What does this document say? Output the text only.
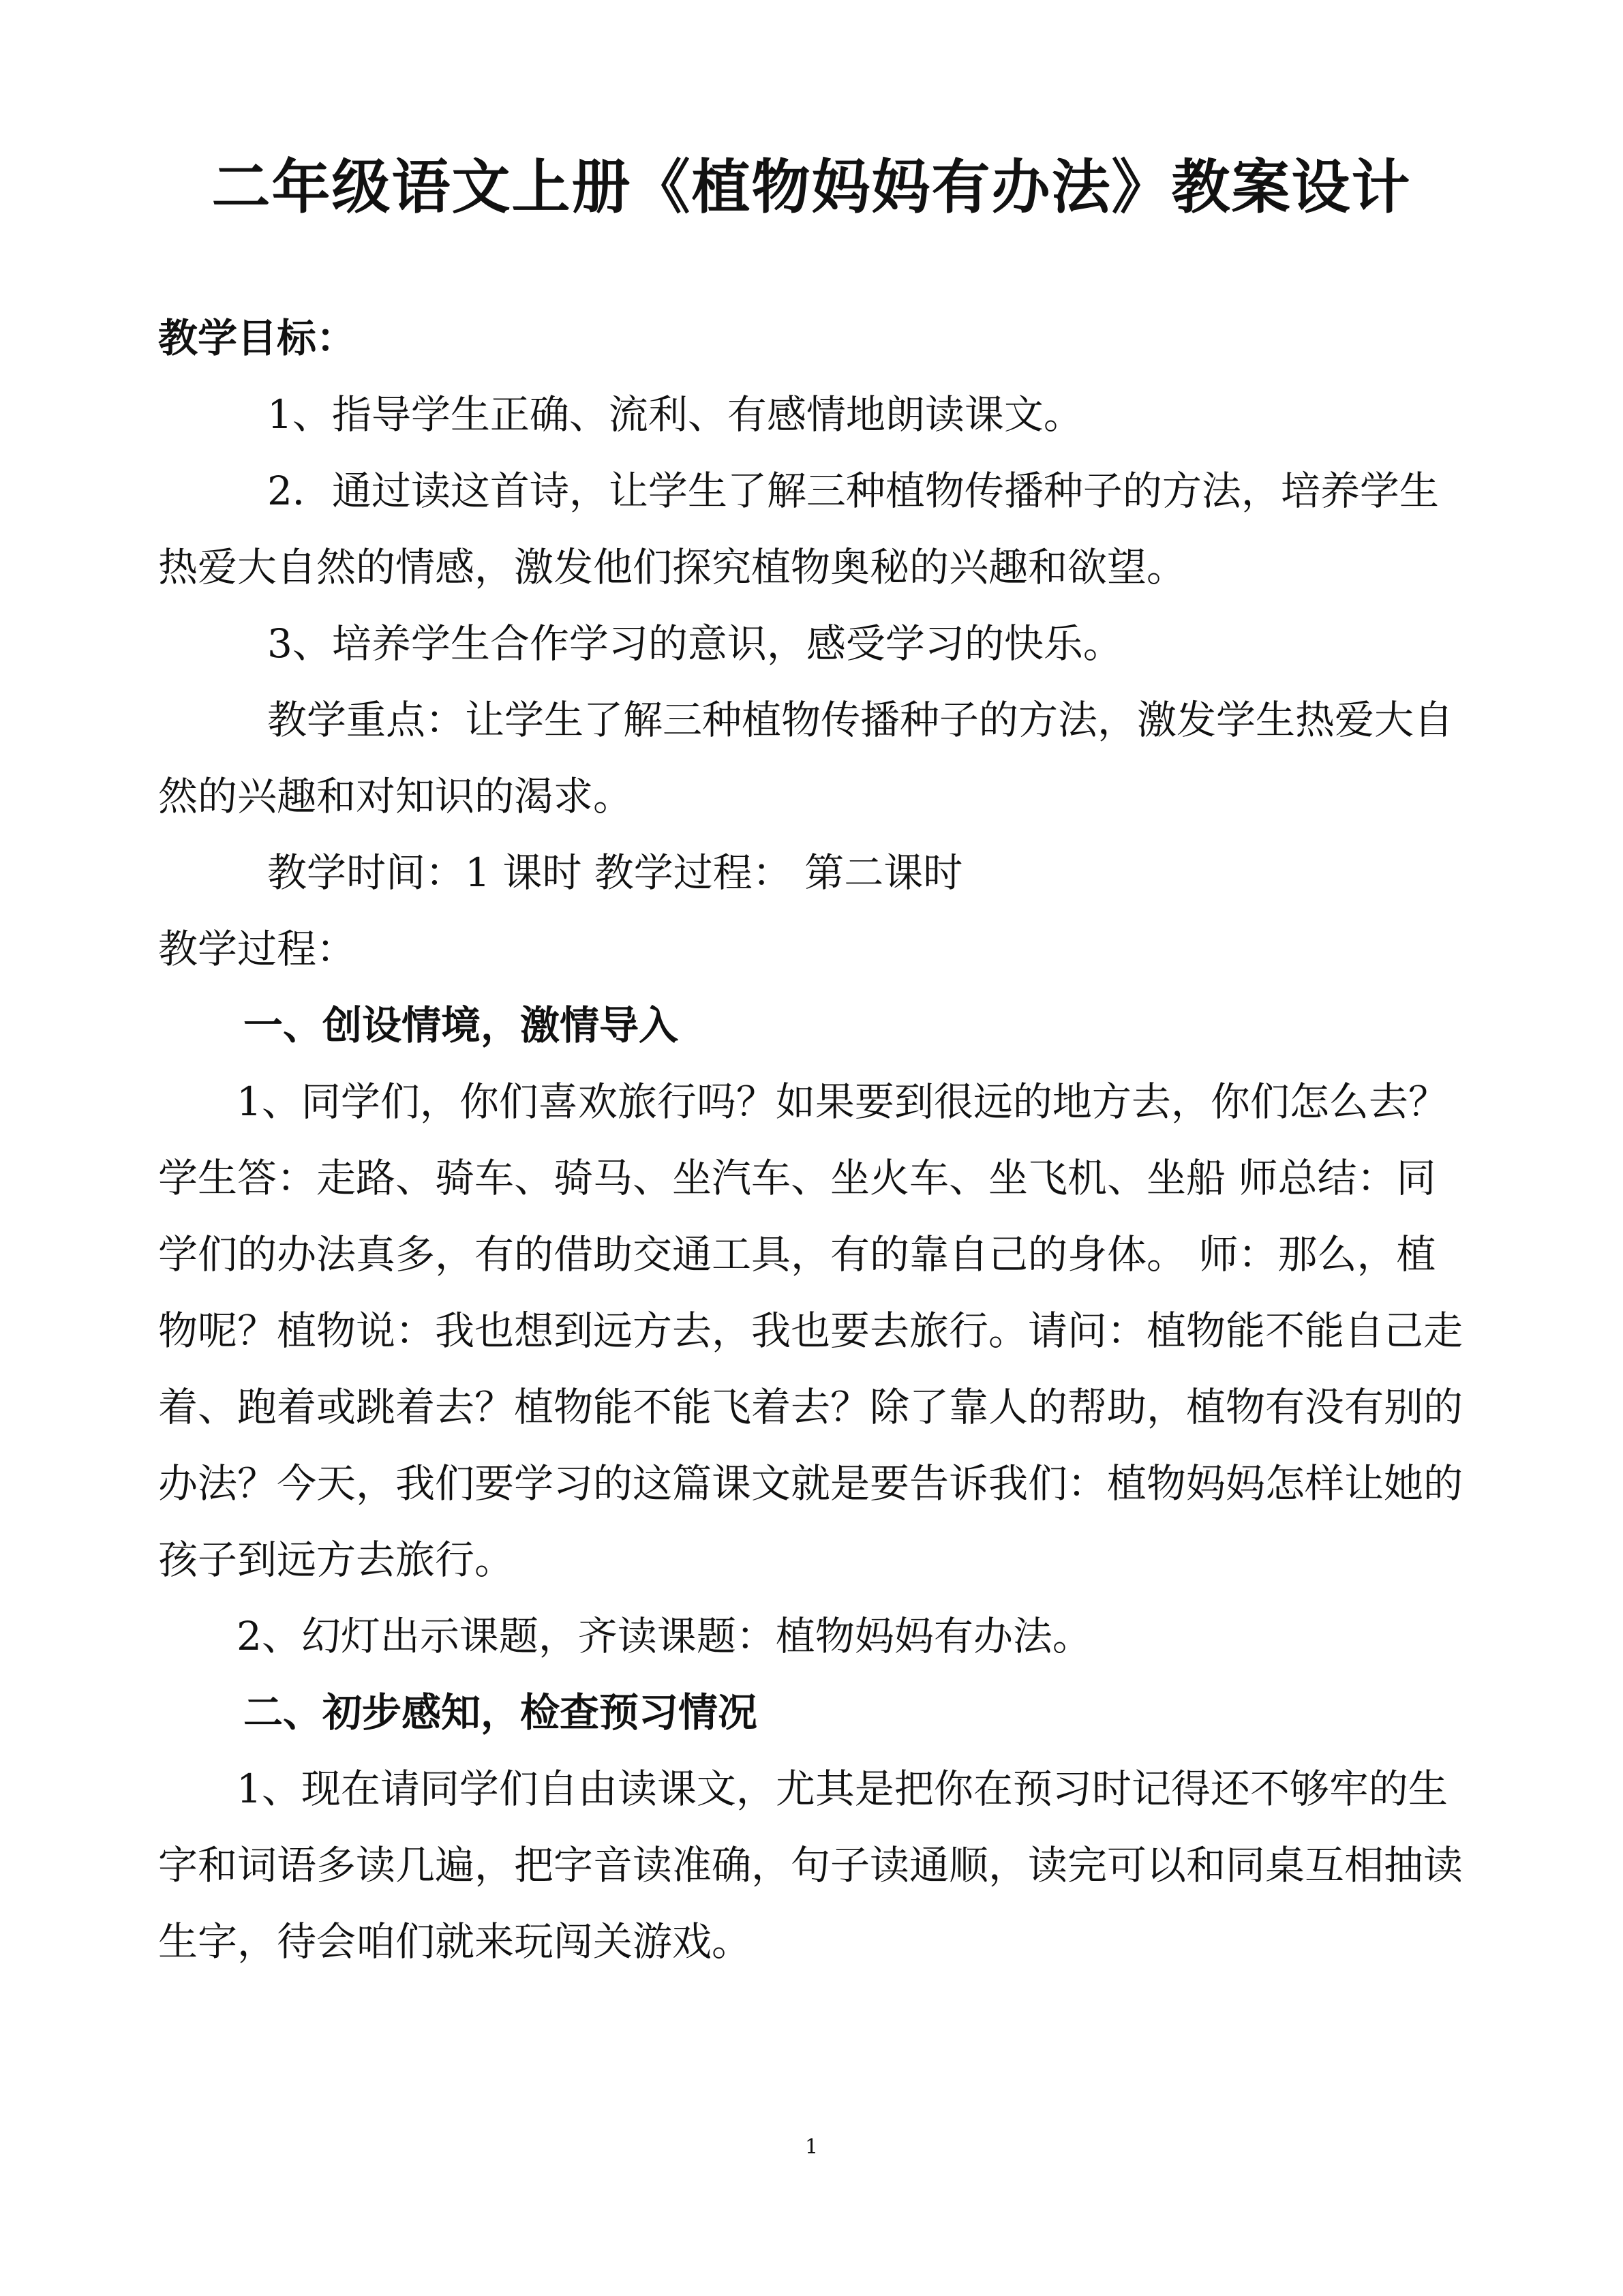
二年级语文上册《植物妈妈有办法》教案设计

教学目标：

1、指导学生正确、流利、有感情地朗读课文。

2．通过读这首诗，让学生了解三种植物传播种子的方法，培养学生热爱大自然的情感，激发他们探究植物奥秘的兴趣和欲望。

3、培养学生合作学习的意识，感受学习的快乐。

教学重点：让学生了解三种植物传播种子的方法，激发学生热爱大自然的兴趣和对知识的渴求。

教学时间：1 课时 教学过程： 第二课时

教学过程：

一、创设情境，激情导入

1、同学们，你们喜欢旅行吗？如果要到很远的地方去，你们怎么去？ 学生答：走路、骑车、骑马、坐汽车、坐火车、坐飞机、坐船 师总结：同学们的办法真多，有的借助交通工具，有的靠自己的身体。 师：那么，植物呢？植物说：我也想到远方去，我也要去旅行。请问：植物能不能自己走着、跑着或跳着去？植物能不能飞着去？除了靠人的帮助，植物有没有别的办法？今天，我们要学习的这篇课文就是要告诉我们：植物妈妈怎样让她的孩子到远方去旅行。

2、幻灯出示课题，齐读课题：植物妈妈有办法。

二、初步感知，检查预习情况

1、现在请同学们自由读课文，尤其是把你在预习时记得还不够牢的生字和词语多读几遍，把字音读准确，句子读通顺，读完可以和同桌互相抽读生字，待会咱们就来玩闯关游戏。

1
